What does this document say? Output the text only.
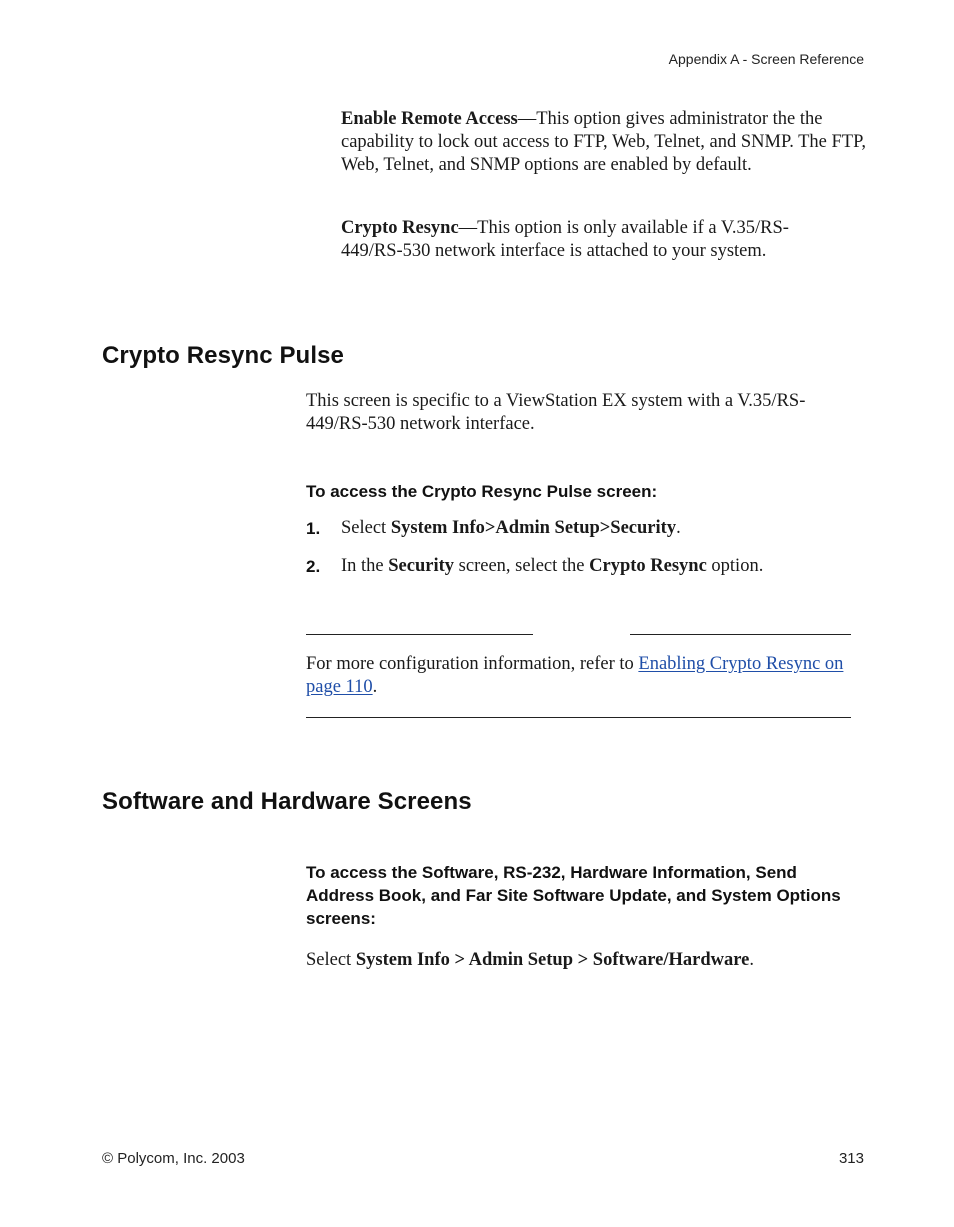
Appendix A - Screen Reference
Enable Remote Access—This option gives administrator the the capability to lock out access to FTP, Web, Telnet, and SNMP. The FTP, Web, Telnet, and SNMP options are enabled by default.
Crypto Resync—This option is only available if a V.35/RS-449/RS-530 network interface is attached to your system.
Crypto Resync Pulse
This screen is specific to a ViewStation EX system with a V.35/RS-449/RS-530 network interface.
To access the Crypto Resync Pulse screen:
1. Select System Info>Admin Setup>Security.
2. In the Security screen, select the Crypto Resync option.
For more configuration information, refer to Enabling Crypto Resync on page 110.
Software and Hardware Screens
To access the Software, RS-232, Hardware Information, Send Address Book, and Far Site Software Update, and System Options screens:
Select System Info > Admin Setup > Software/Hardware.
© Polycom, Inc. 2003	313
